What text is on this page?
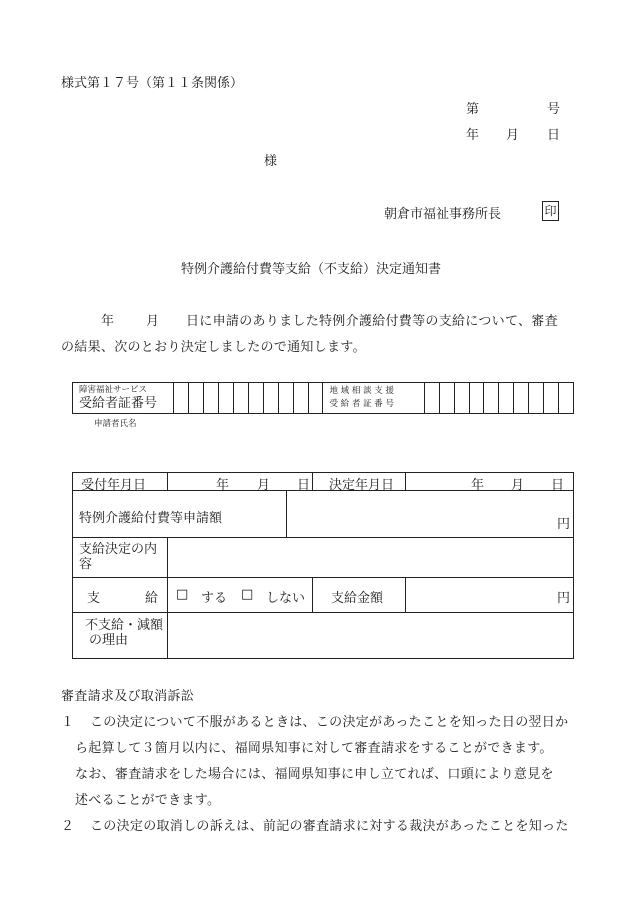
様式第１７号（第１１条関係）
第	号
年 月 日
様
朝倉市福祉事務所長	印
特例介護給付費等支給（不支給）決定通知書
年 月 日に申請のありました特例介護給付費等の支給について、審査
の結果、次のとおり決定しましたので通知します。
障害福祉サービス
受給者証番号

地 域 相 談 支 援
受 給 者 証 番 号

申請者氏名
受付年月日	年 月 日 決定年月日	年 月 日
特例介護給付費等申請額	円
支給決定の内
容
支	給 □ する □ しない 支給金額	円
不支給・減額
の理由
審査請求及び取消訴訟
１ この決定について不服があるときは、この決定があったことを知った日の翌日か
ら起算して３箇月以内に、福岡県知事に対して審査請求をすることができます。
なお、審査請求をした場合には、福岡県知事に申し立てれば、口頭により意見を
述べることができます。
２ この決定の取消しの訴えは、前記の審査請求に対する裁決があったことを知った
